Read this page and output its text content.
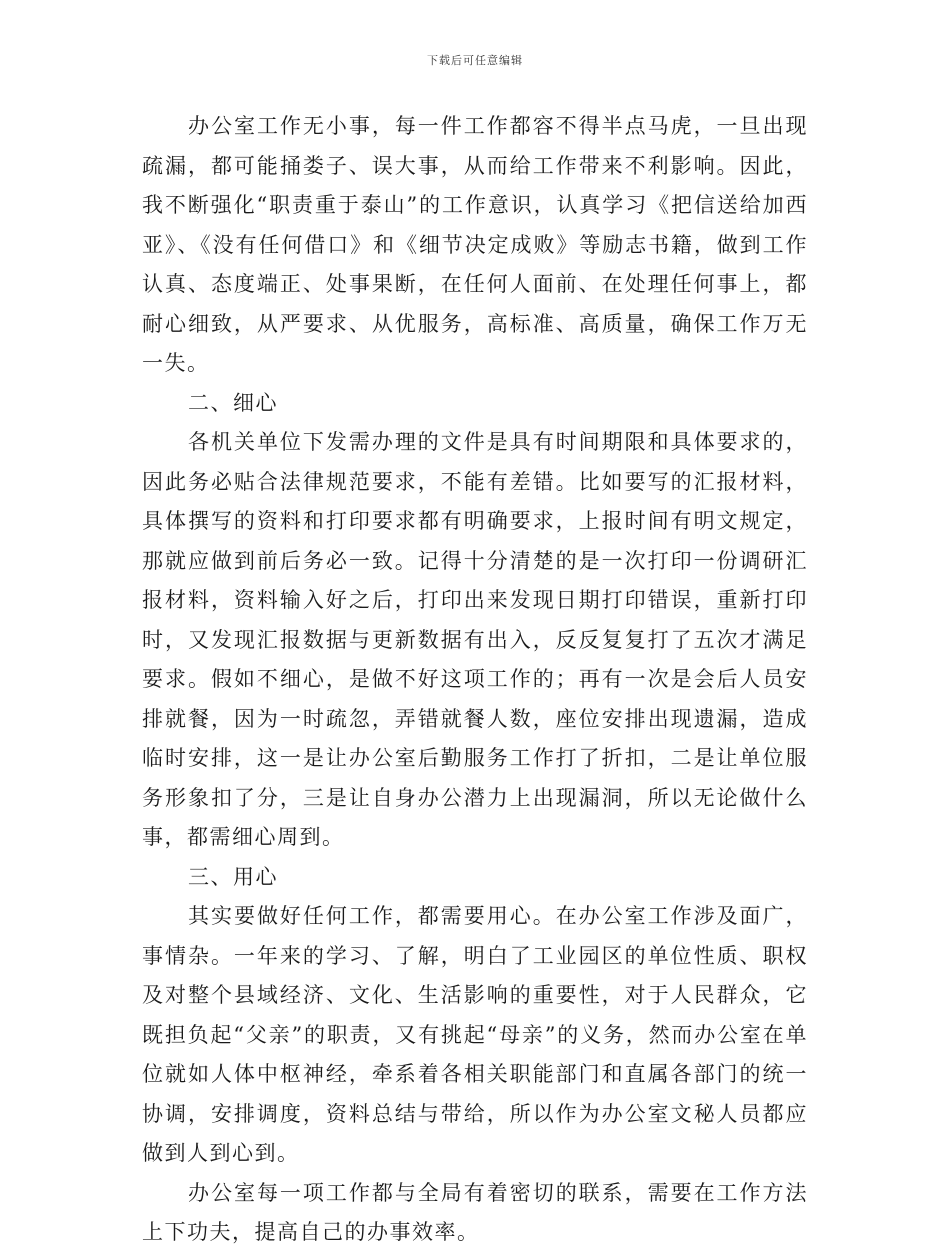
下载后可任意编辑

办公室工作无小事，每一件工作都容不得半点马虎，一旦出现疏漏，都可能捅娄子、误大事，从而给工作带来不利影响。因此，我不断强化“职责重于泰山”的工作意识，认真学习《把信送给加西亚》、《没有任何借口》和《细节决定成败》等励志书籍，做到工作认真、态度端正、处事果断，在任何人面前、在处理任何事上，都耐心细致，从严要求、从优服务，高标准、高质量，确保工作万无一失。

二、细心

各机关单位下发需办理的文件是具有时间期限和具体要求的，因此务必贴合法律规范要求，不能有差错。比如要写的汇报材料，具体撰写的资料和打印要求都有明确要求，上报时间有明文规定，那就应做到前后务必一致。记得十分清楚的是一次打印一份调研汇报材料，资料输入好之后，打印出来发现日期打印错误，重新打印时，又发现汇报数据与更新数据有出入，反反复复打了五次才满足要求。假如不细心，是做不好这项工作的；再有一次是会后人员安排就餐，因为一时疏忽，弄错就餐人数，座位安排出现遗漏，造成临时安排，这一是让办公室后勤服务工作打了折扣，二是让单位服务形象扣了分，三是让自身办公潜力上出现漏洞，所以无论做什么事，都需细心周到。

三、用心

其实要做好任何工作，都需要用心。在办公室工作涉及面广，事情杂。一年来的学习、了解，明白了工业园区的单位性质、职权及对整个县域经济、文化、生活影响的重要性，对于人民群众，它既担负起“父亲”的职责，又有挑起“母亲”的义务，然而办公室在单位就如人体中枢神经，牵系着各相关职能部门和直属各部门的统一协调，安排调度，资料总结与带给，所以作为办公室文秘人员都应做到人到心到。

办公室每一项工作都与全局有着密切的联系，需要在工作方法上下功夫，提高自己的办事效率。
